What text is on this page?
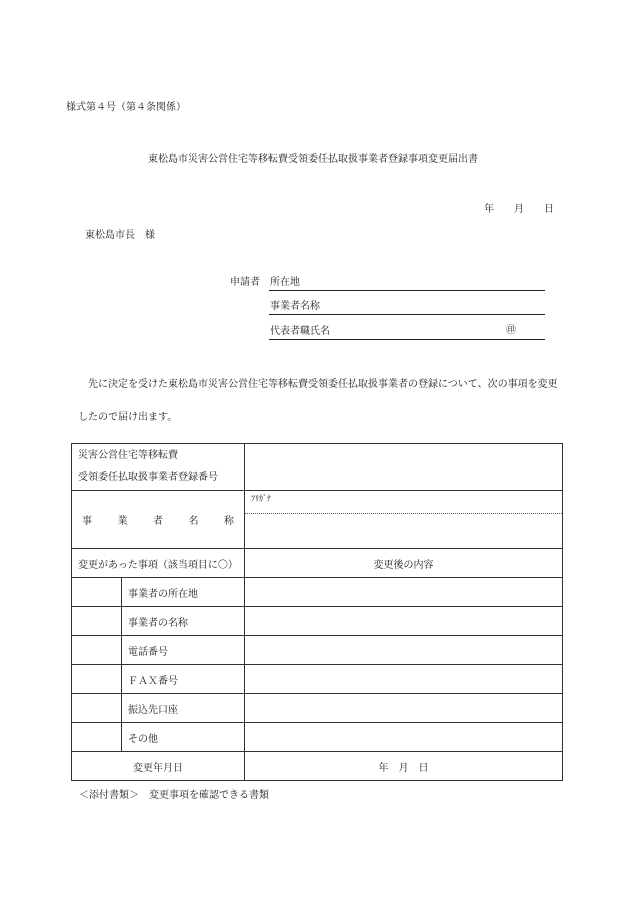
様式第４号（第４条関係）
東松島市災害公営住宅等移転費受領委任払取扱事業者登録事項変更届出書
年　　月　　日
東松島市長　様
申請者 所在地
事業者名称
代表者職氏名	㊞
先に決定を受けた東松島市災害公営住宅等移転費受領委任払取扱事業者の登録について、次の事項を変更したので届け出ます。
災害公営住宅等移転費
受領委任払取扱事業者登録番号		

事 業 者 名 称		$^{ﾌﾘｶﾞﾅ}$

変更があった事項（該当項目に〇）		変更後の内容
	事業者の所在地	
	事業者の名称	
	電話番号	
	ＦＡＸ番号	
	振込先口座	
	その他	
変更年月日		年　月　日
＜添付書類＞　変更事項を確認できる書類
